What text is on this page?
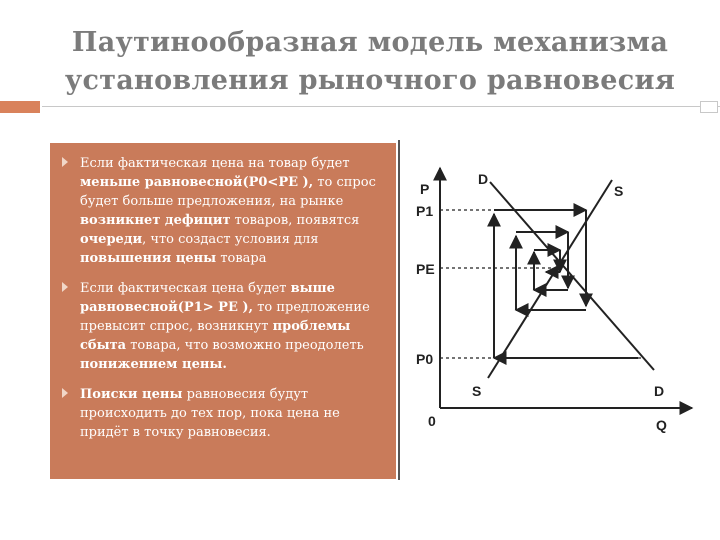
Паутинообразная модель механизма
установления рыночного равновесия

Если фактическая цена на товар будет меньше равновесной(P0<PE ), то спрос будет больше предложения, на рынке возникнет дефицит товаров, появятся очереди, что создаст условия для повышения цены товара

Если фактическая цена будет выше равновесной(P1> PE ), то предложение превысит спрос, возникнут проблемы сбыта товара, что возможно преодолеть понижением цены.

Поиски цены равновесия будут происходить до тех пор, пока цена не придёт в точку равновесия.

P
P1
PE
P0
0	Q
D
S
S	D
